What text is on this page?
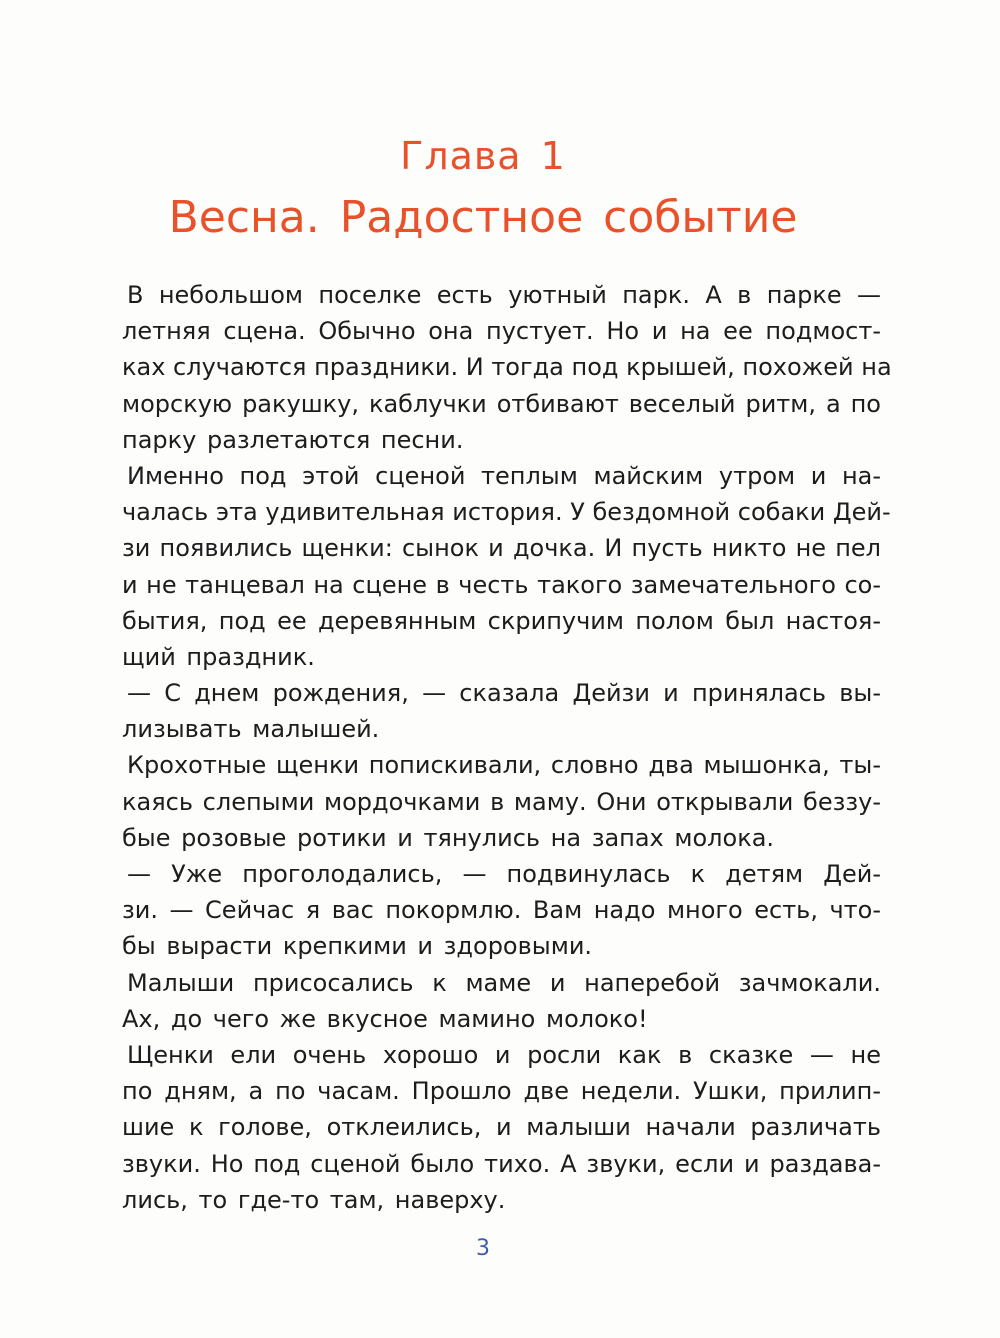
Глава 1
Весна. Радостное событие
В небольшом поселке есть уютный парк. А в парке —
летняя сцена. Обычно она пустует. Но и на ее подмост-
ках случаются праздники. И тогда под крышей, похожей на
морскую ракушку, каблучки отбивают веселый ритм, а по
парку разлетаются песни.
Именно под этой сценой теплым майским утром и на-
чалась эта удивительная история. У бездомной собаки Дей-
зи появились щенки: сынок и дочка. И пусть никто не пел
и не танцевал на сцене в честь такого замечательного со-
бытия, под ее деревянным скрипучим полом был настоя-
щий праздник.
— С днем рождения, — сказала Дейзи и принялась вы-
лизывать малышей.
Крохотные щенки попискивали, словно два мышонка, ты-
каясь слепыми мордочками в маму. Они открывали беззу-
бые розовые ротики и тянулись на запах молока.
— Уже проголодались, — подвинулась к детям Дей-
зи. — Сейчас я вас покормлю. Вам надо много есть, что-
бы вырасти крепкими и здоровыми.
Малыши присосались к маме и наперебой зачмокали.
Ах, до чего же вкусное мамино молоко!
Щенки ели очень хорошо и росли как в сказке — не
по дням, а по часам. Прошло две недели. Ушки, прилип-
шие к голове, отклеились, и малыши начали различать
звуки. Но под сценой было тихо. А звуки, если и раздава-
лись, то где-то там, наверху.
3
